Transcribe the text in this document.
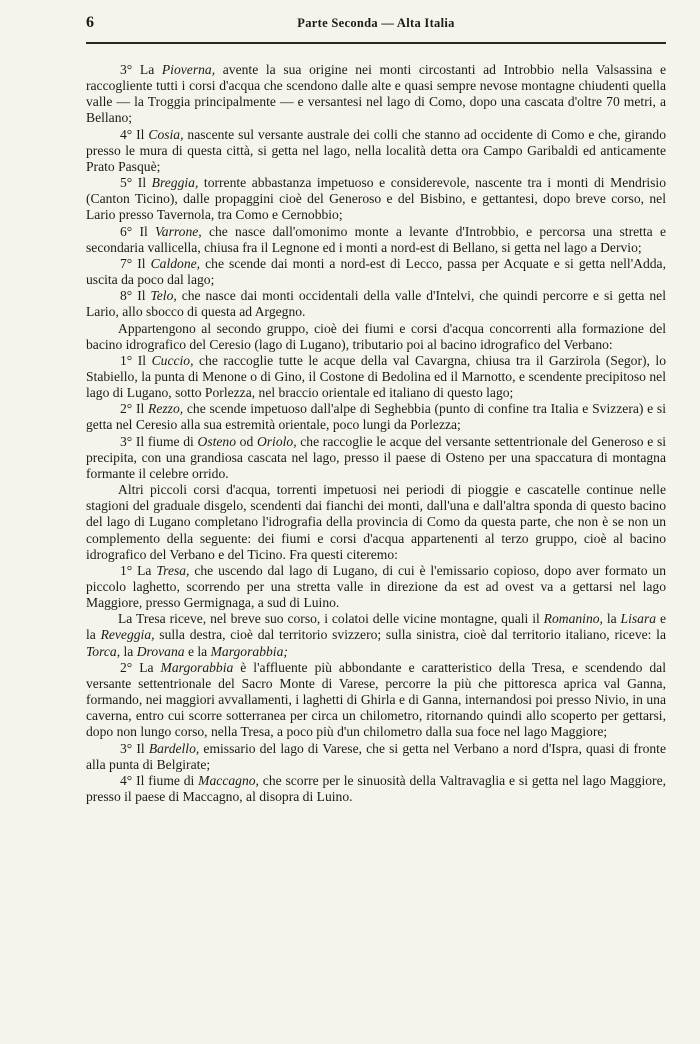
6	Parte Seconda — Alta Italia

3° La Pioverna, avente la sua origine nei monti circostanti ad Introbbio nella Valsassina e raccogliente tutti i corsi d'acqua che scendono dalle alte e quasi sempre nevose montagne chiudenti quella valle — la Troggia principalmente — e versantesi nel lago di Como, dopo una cascata d'oltre 70 metri, a Bellano;

4° Il Cosia, nascente sul versante australe dei colli che stanno ad occidente di Como e che, girando presso le mura di questa città, si getta nel lago, nella località detta ora Campo Garibaldi ed anticamente Prato Pasquè;

5° Il Breggia, torrente abbastanza impetuoso e considerevole, nascente tra i monti di Mendrisio (Canton Ticino), dalle propaggini cioè del Generoso e del Bisbino, e gettantesi, dopo breve corso, nel Lario presso Tavernola, tra Como e Cernobbio;

6° Il Varrone, che nasce dall'omonimo monte a levante d'Introbbio, e percorsa una stretta e secondaria vallicella, chiusa fra il Legnone ed i monti a nord-est di Bellano, si getta nel lago a Dervio;

7° Il Caldone, che scende dai monti a nord-est di Lecco, passa per Acquate e si getta nell'Adda, uscita da poco dal lago;

8° Il Telo, che nasce dai monti occidentali della valle d'Intelvi, che quindi percorre e si getta nel Lario, allo sbocco di questa ad Argegno.

Appartengono al secondo gruppo, cioè dei fiumi e corsi d'acqua concorrenti alla formazione del bacino idrografico del Ceresio (lago di Lugano), tributario poi al bacino idrografico del Verbano:

1° Il Cuccio, che raccoglie tutte le acque della val Cavargna, chiusa tra il Garzirola (Segor), lo Stabiello, la punta di Menone o di Gino, il Costone di Bedolina ed il Marnotto, e scendente precipitoso nel lago di Lugano, sotto Porlezza, nel braccio orientale ed italiano di questo lago;

2° Il Rezzo, che scende impetuoso dall'alpe di Seghebbia (punto di confine tra Italia e Svizzera) e si getta nel Ceresio alla sua estremità orientale, poco lungi da Porlezza;

3° Il fiume di Osteno od Oriolo, che raccoglie le acque del versante settentrionale del Generoso e si precipita, con una grandiosa cascata nel lago, presso il paese di Osteno per una spaccatura di montagna formante il celebre orrido.

Altri piccoli corsi d'acqua, torrenti impetuosi nei periodi di pioggie e cascatelle continue nelle stagioni del graduale disgelo, scendenti dai fianchi dei monti, dall'una e dall'altra sponda di questo bacino del lago di Lugano completano l'idrografia della provincia di Como da questa parte, che non è se non un complemento della seguente: dei fiumi e corsi d'acqua appartenenti al terzo gruppo, cioè al bacino idrografico del Verbano e del Ticino. Fra questi citeremo:

1° La Tresa, che uscendo dal lago di Lugano, di cui è l'emissario copioso, dopo aver formato un piccolo laghetto, scorrendo per una stretta valle in direzione da est ad ovest va a gettarsi nel lago Maggiore, presso Germignaga, a sud di Luino.

La Tresa riceve, nel breve suo corso, i colatoi delle vicine montagne, quali il Romanino, la Lisara e la Reveggia, sulla destra, cioè dal territorio svizzero; sulla sinistra, cioè dal territorio italiano, riceve: la Torca, la Drovana e la Margorabbia;

2° La Margorabbia è l'affluente più abbondante e caratteristico della Tresa, e scendendo dal versante settentrionale del Sacro Monte di Varese, percorre la più che pittoresca aprica val Ganna, formando, nei maggiori avvallamenti, i laghetti di Ghirla e di Ganna, internandosi poi presso Nivio, in una caverna, entro cui scorre sotterranea per circa un chilometro, ritornando quindi allo scoperto per gettarsi, dopo non lungo corso, nella Tresa, a poco più d'un chilometro dalla sua foce nel lago Maggiore;

3° Il Bardello, emissario del lago di Varese, che si getta nel Verbano a nord d'Ispra, quasi di fronte alla punta di Belgirate;

4° Il fiume di Maccagno, che scorre per le sinuosità della Valtravaglia e si getta nel lago Maggiore, presso il paese di Maccagno, al disopra di Luino.
